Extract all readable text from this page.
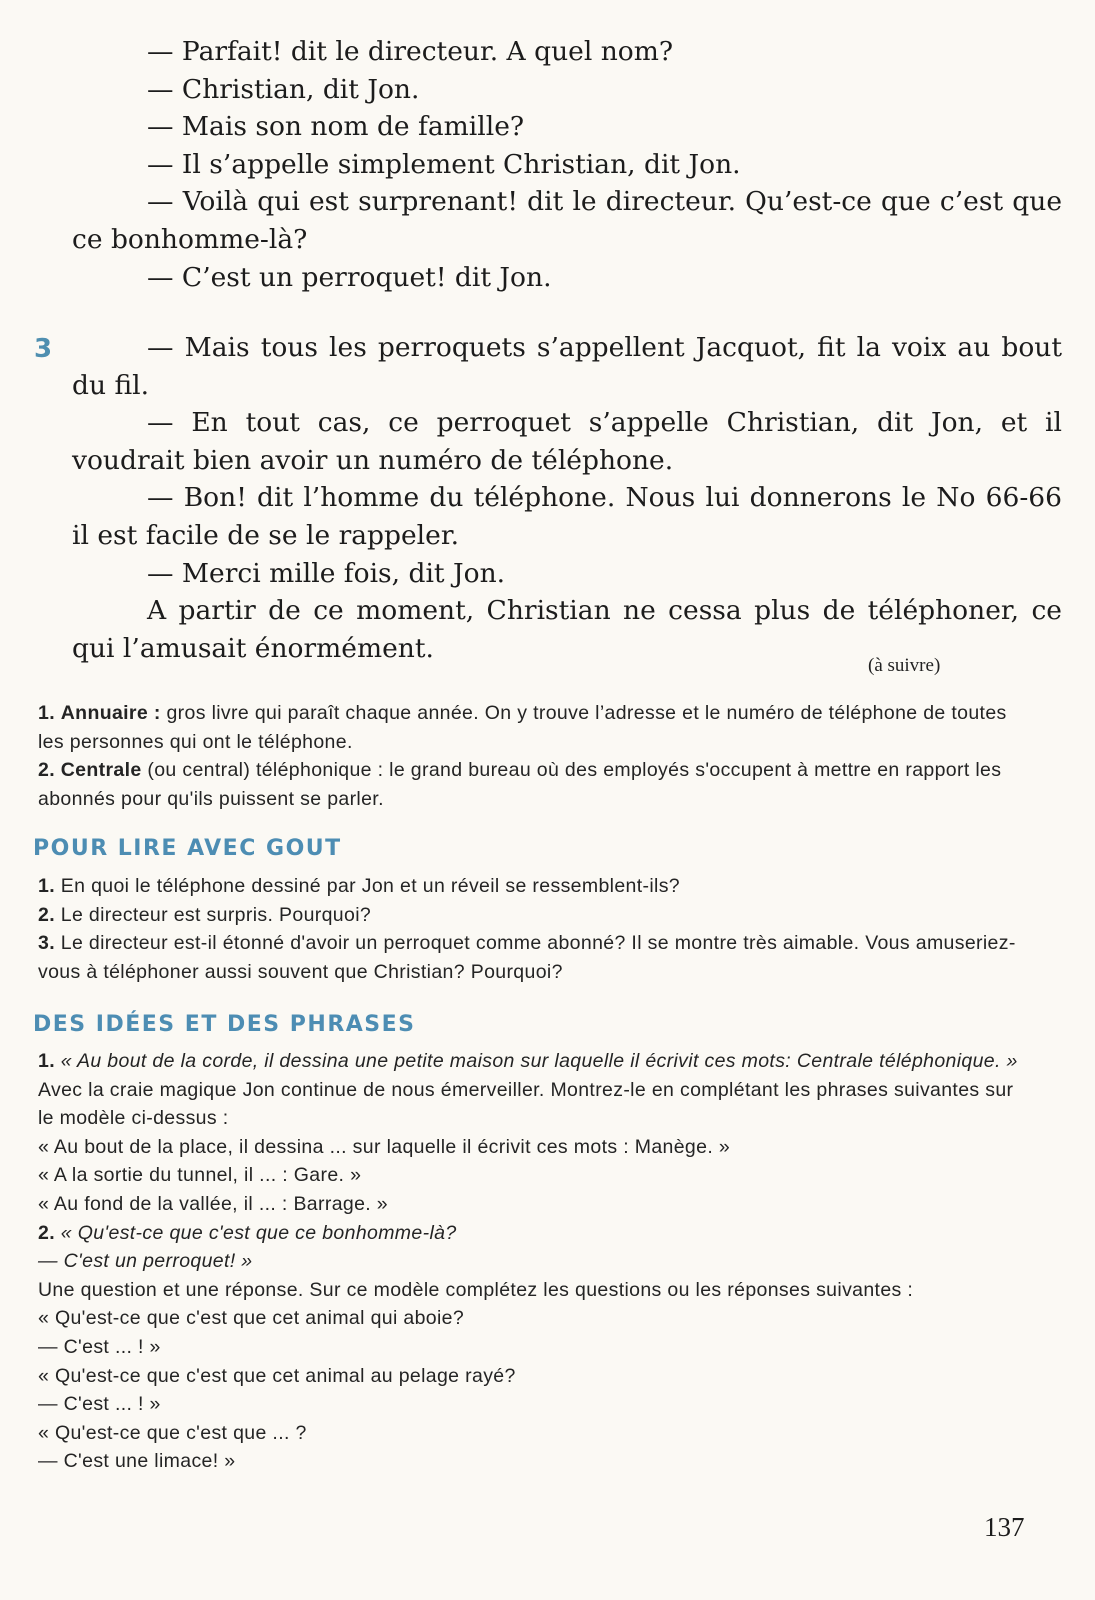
— Parfait! dit le directeur. A quel nom?

— Christian, dit Jon.

— Mais son nom de famille?

— Il s’appelle simplement Christian, dit Jon.

— Voilà qui est surprenant! dit le directeur. Qu’est-ce que c’est que ce bonhomme-là?

— C’est un perroquet! dit Jon.

3	— Mais tous les perroquets s’appellent Jacquot, fit la voix au bout du fil.

— En tout cas, ce perroquet s’appelle Christian, dit Jon, et il voudrait bien avoir un numéro de téléphone.

— Bon! dit l’homme du téléphone. Nous lui donnerons le No 66-66 il est facile de se le rappeler.

— Merci mille fois, dit Jon.

A partir de ce moment, Christian ne cessa plus de téléphoner, ce qui l’amusait énormément.

(à suivre)

1. Annuaire : gros livre qui paraît chaque année. On y trouve l’adresse et le numéro de téléphone de toutes les personnes qui ont le téléphone.

2. Centrale (ou central) téléphonique : le grand bureau où des employés s'occupent à mettre en rapport les abonnés pour qu'ils puissent se parler.

POUR LIRE AVEC GOUT

1. En quoi le téléphone dessiné par Jon et un réveil se ressemblent-ils?

2. Le directeur est surpris. Pourquoi?

3. Le directeur est-il étonné d'avoir un perroquet comme abonné? Il se montre très aimable. Vous amuseriez-vous à téléphoner aussi souvent que Christian? Pourquoi?

DES IDÉES ET DES PHRASES

1. « Au bout de la corde, il dessina une petite maison sur laquelle il écrivit ces mots: Centrale téléphonique. »

Avec la craie magique Jon continue de nous émerveiller. Montrez-le en complétant les phrases suivantes sur le modèle ci-dessus :

« Au bout de la place, il dessina ... sur laquelle il écrivit ces mots : Manège. »

« A la sortie du tunnel, il ... : Gare. »

« Au fond de la vallée, il ... : Barrage. »

2. « Qu'est-ce que c'est que ce bonhomme-là?

— C'est un perroquet! »

Une question et une réponse. Sur ce modèle complétez les questions ou les réponses suivantes :

« Qu'est-ce que c'est que cet animal qui aboie?

— C'est ... ! »

« Qu'est-ce que c'est que cet animal au pelage rayé?

— C'est ... ! »

« Qu'est-ce que c'est que ... ?

— C'est une limace! »

137
